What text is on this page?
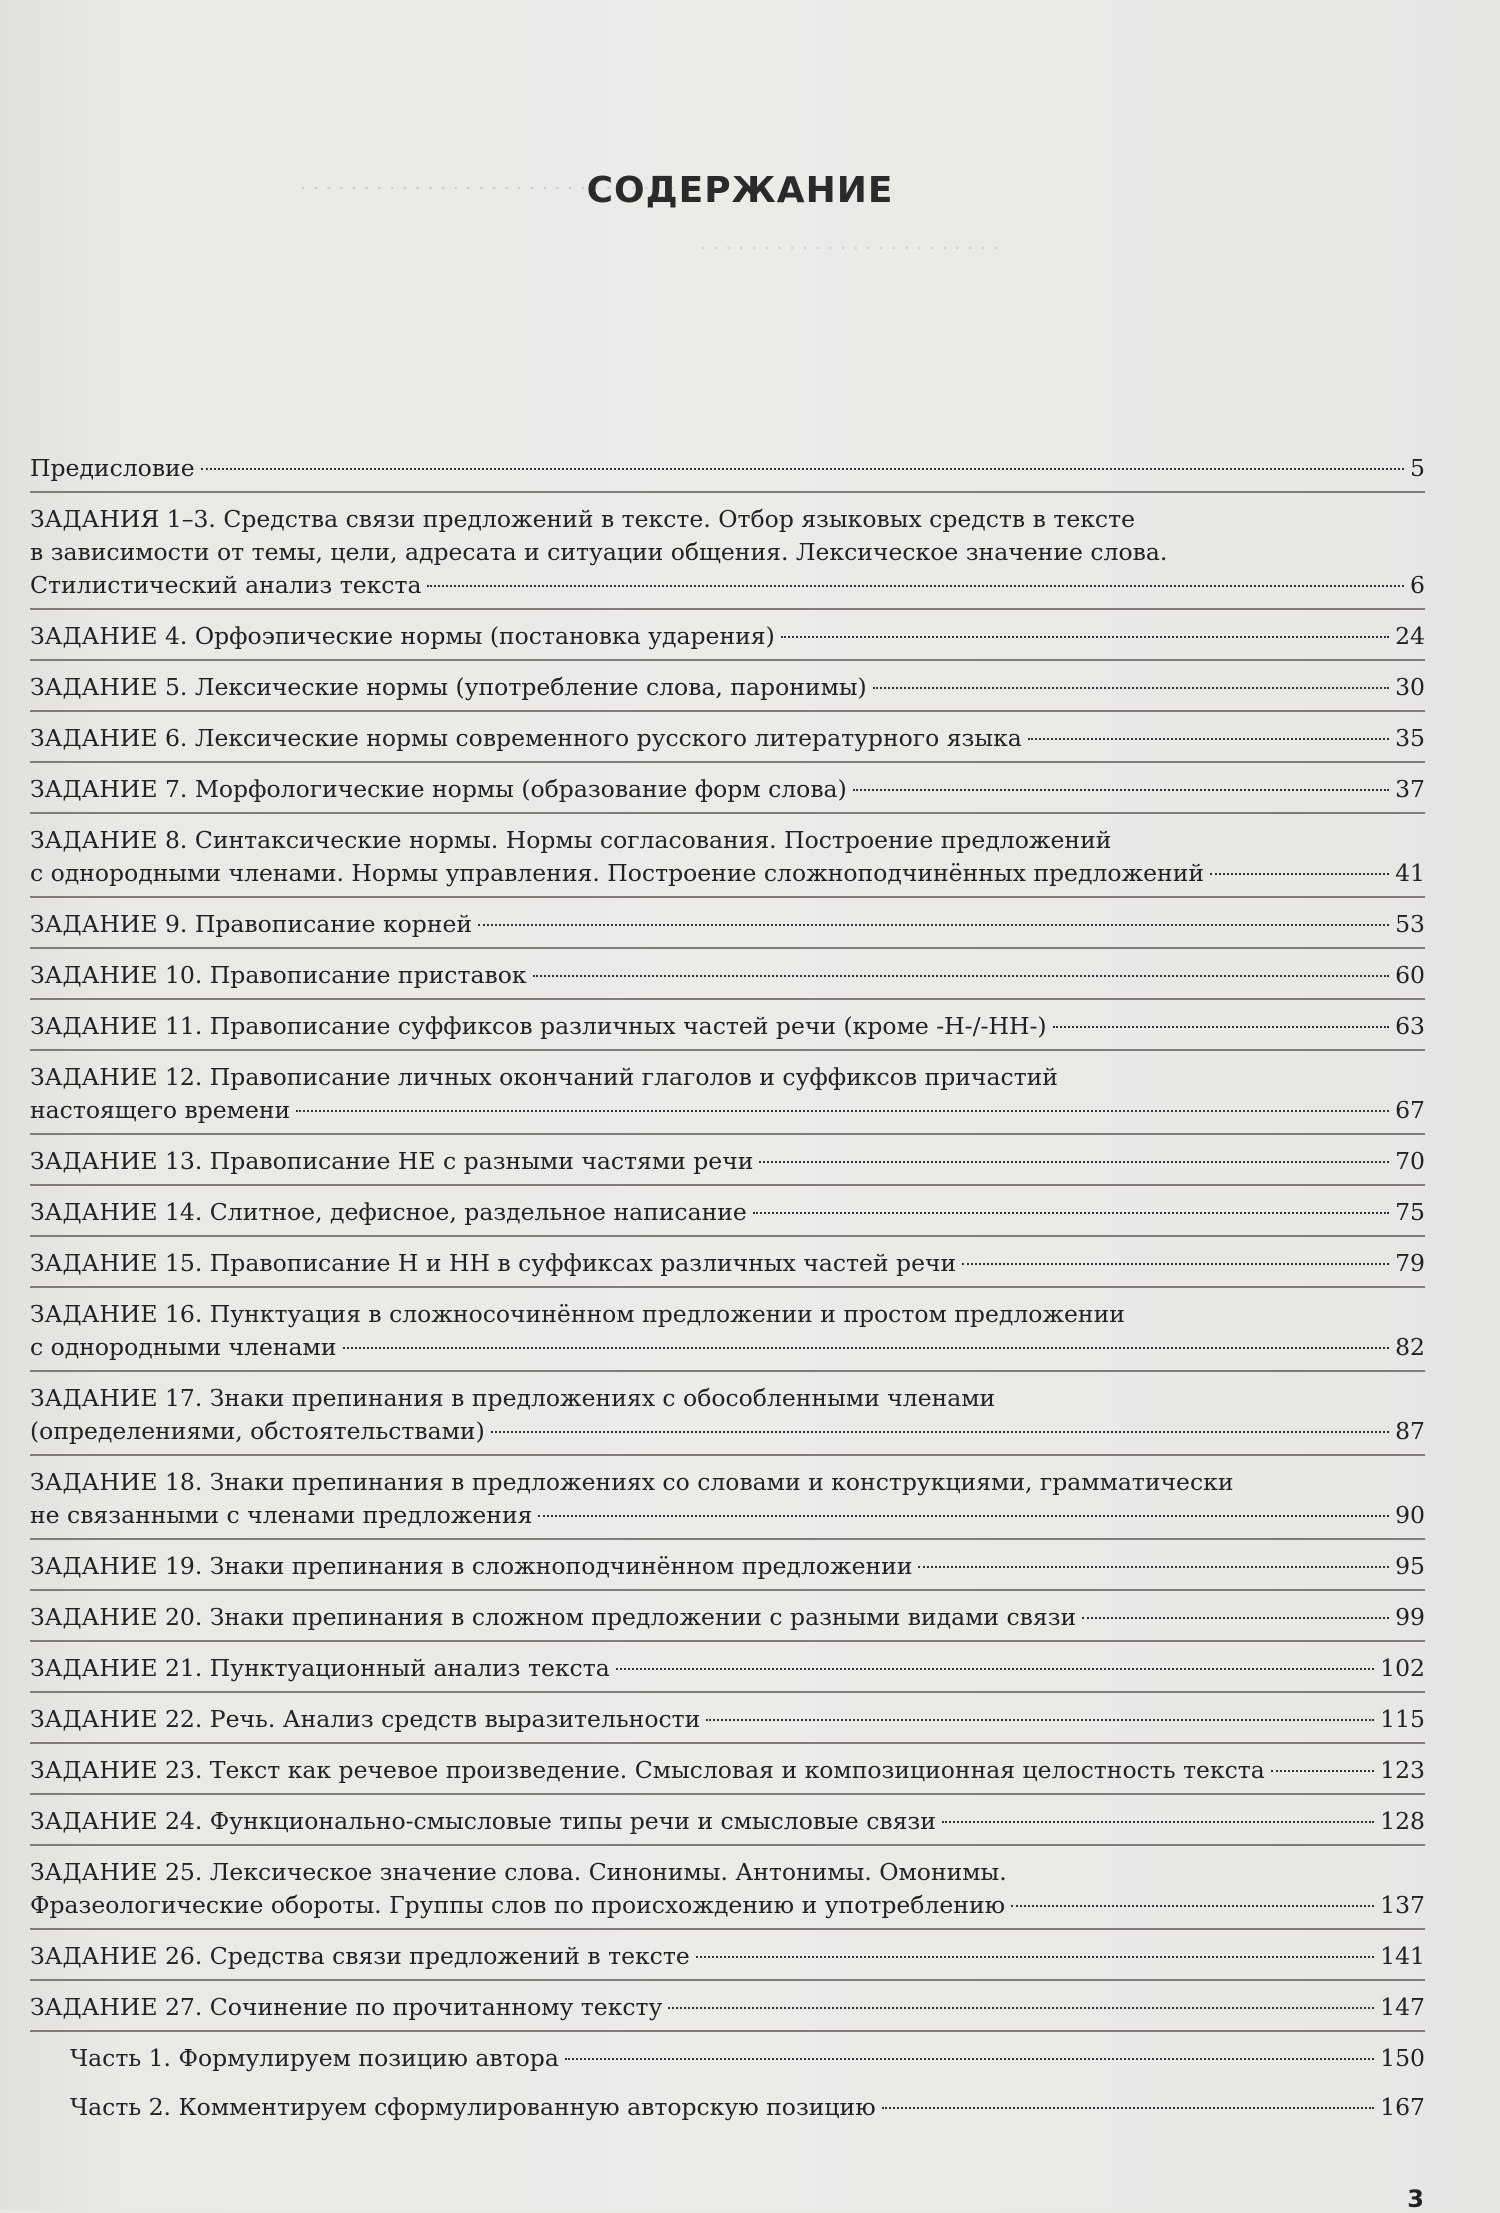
. . . . . . . . . . . . . . . . . . . . . . . . . . . . . . . .
. . . . . . . . . . . . . . . . . . . . . . . .
СОДЕРЖАНИЕ
Предисловие	5
ЗАДАНИЯ 1–3. Средства связи предложений в тексте. Отбор языковых средств в тексте
в зависимости от темы, цели, адресата и ситуации общения. Лексическое значение слова.
Стилистический анализ текста	6
ЗАДАНИЕ 4. Орфоэпические нормы (постановка ударения)	24
ЗАДАНИЕ 5. Лексические нормы (употребление слова, паронимы)	30
ЗАДАНИЕ 6. Лексические нормы современного русского литературного языка	35
ЗАДАНИЕ 7. Морфологические нормы (образование форм слова)	37
ЗАДАНИЕ 8. Синтаксические нормы. Нормы согласования. Построение предложений
с однородными членами. Нормы управления. Построение сложноподчинённых предложений	41
ЗАДАНИЕ 9. Правописание корней	53
ЗАДАНИЕ 10. Правописание приставок	60
ЗАДАНИЕ 11. Правописание суффиксов различных частей речи (кроме -Н-/-НН-)	63
ЗАДАНИЕ 12. Правописание личных окончаний глаголов и суффиксов причастий
настоящего времени	67
ЗАДАНИЕ 13. Правописание НЕ с разными частями речи	70
ЗАДАНИЕ 14. Слитное, дефисное, раздельное написание	75
ЗАДАНИЕ 15. Правописание Н и НН в суффиксах различных частей речи	79
ЗАДАНИЕ 16. Пунктуация в сложносочинённом предложении и простом предложении
с однородными членами	82
ЗАДАНИЕ 17. Знаки препинания в предложениях с обособленными членами
(определениями, обстоятельствами)	87
ЗАДАНИЕ 18. Знаки препинания в предложениях со словами и конструкциями, грамматически
не связанными с членами предложения	90
ЗАДАНИЕ 19. Знаки препинания в сложноподчинённом предложении	95
ЗАДАНИЕ 20. Знаки препинания в сложном предложении с разными видами связи	99
ЗАДАНИЕ 21. Пунктуационный анализ текста	102
ЗАДАНИЕ 22. Речь. Анализ средств выразительности	115
ЗАДАНИЕ 23. Текст как речевое произведение. Смысловая и композиционная целостность текста	123
ЗАДАНИЕ 24. Функционально-смысловые типы речи и смысловые связи	128
ЗАДАНИЕ 25. Лексическое значение слова. Синонимы. Антонимы. Омонимы.
Фразеологические обороты. Группы слов по происхождению и употреблению	137
ЗАДАНИЕ 26. Средства связи предложений в тексте	141
ЗАДАНИЕ 27. Сочинение по прочитанному тексту	147
Часть 1. Формулируем позицию автора	150
Часть 2. Комментируем сформулированную авторскую позицию	167
3
